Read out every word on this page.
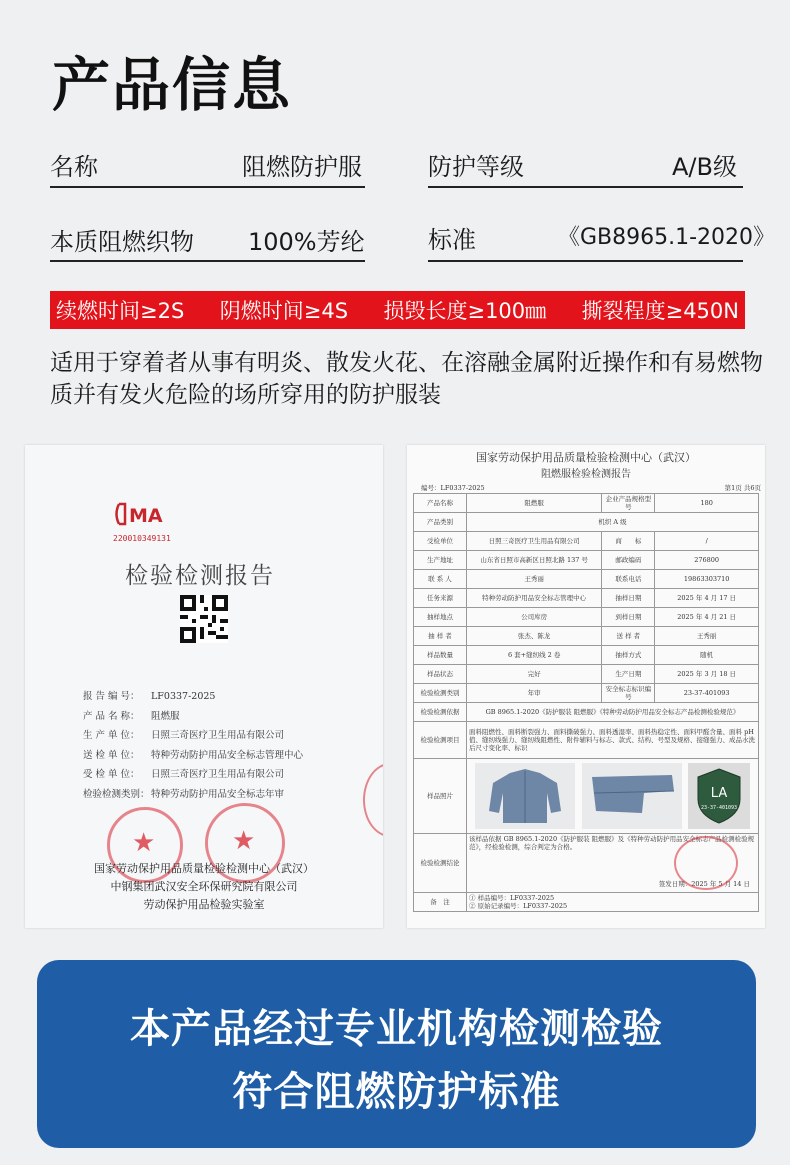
产品信息
名称	阻燃防护服	防护等级	A/B级
本质阻燃织物 100%芳纶	标准	《GB8965.1-2020》
续燃时间≥2S 阴燃时间≥4S 损毁长度≥100㎜ 撕裂程度≥450N
适用于穿着者从事有明炎、散发火花、在溶融金属附近操作和有易燃物质并有发火危险的场所穿用的防护服装
MA
220010349131
检验检测报告
报 告 编 号：	LF0337-2025
产 品 名 称：	阻燃服
生 产 单 位：	日照三奇医疗卫生用品有限公司
送 检 单 位：	特种劳动防护用品安全标志管理中心
受 检 单 位：	日照三奇医疗卫生用品有限公司
检验检测类别： 特种劳动防护用品安全标志年审
★	★
国家劳动保护用品质量检验检测中心（武汉）
中钢集团武汉安全环保研究院有限公司
劳动保护用品检验实验室
国家劳动保护用品质量检验检测中心（武汉）
阻燃服检验检测报告
编号：LF0337-2025	第1页 共6页
产品名称	阻燃服	企业产品规格型号	180
产品类别	机织 A 级		
受检单位	日照三奇医疗卫生用品有限公司	商　　标	/
生产地址	山东省日照市高新区日照北路 137 号	邮政编码	276800
联 系 人	王秀丽	联系电话	19863303710
任务来源	特种劳动防护用品安全标志管理中心	抽样日期	2025 年 4 月 17 日
抽样地点	公司库房	到样日期	2025 年 4 月 21 日
抽 样 者	张杰、陈龙	送 样 者	王秀丽
样品数量	6 套+缝纫线 2 卷	抽样方式	随机
样品状态	完好	生产日期	2025 年 3 月 18 日
检验检测类别	年审	安全标志标识编号	23-37-401093
检验检测依据	GB 8965.1-2020《防护服装 阻燃服》《特种劳动防护用品安全标志产品检测检验规范》		
检验检测项目	面料阻燃性、面料断裂强力、面料撕破强力、面料透湿率、面料热稳定性、面料甲醛含量、面料 pH 值、缝纫线强力、缝纫线阻燃性、附件辅料与标志、款式、结构、号型及规格、接缝强力、成品水洗后尺寸变化率、标识		
样品照片	LA
23-37-401093		

检验检测结论	该样品依据 GB 8965.1-2020《防护服装 阻燃服》及《特种劳动防护用品安全标志产品检测检验规范》，经检验检测，综合判定为合格。
签发日期：2025 年 5 月 14 日		

备　注	① 样品编号：LF0337-2025
② 原始记录编号：LF0337-2025		
本产品经过专业机构检测检验
符合阻燃防护标准
